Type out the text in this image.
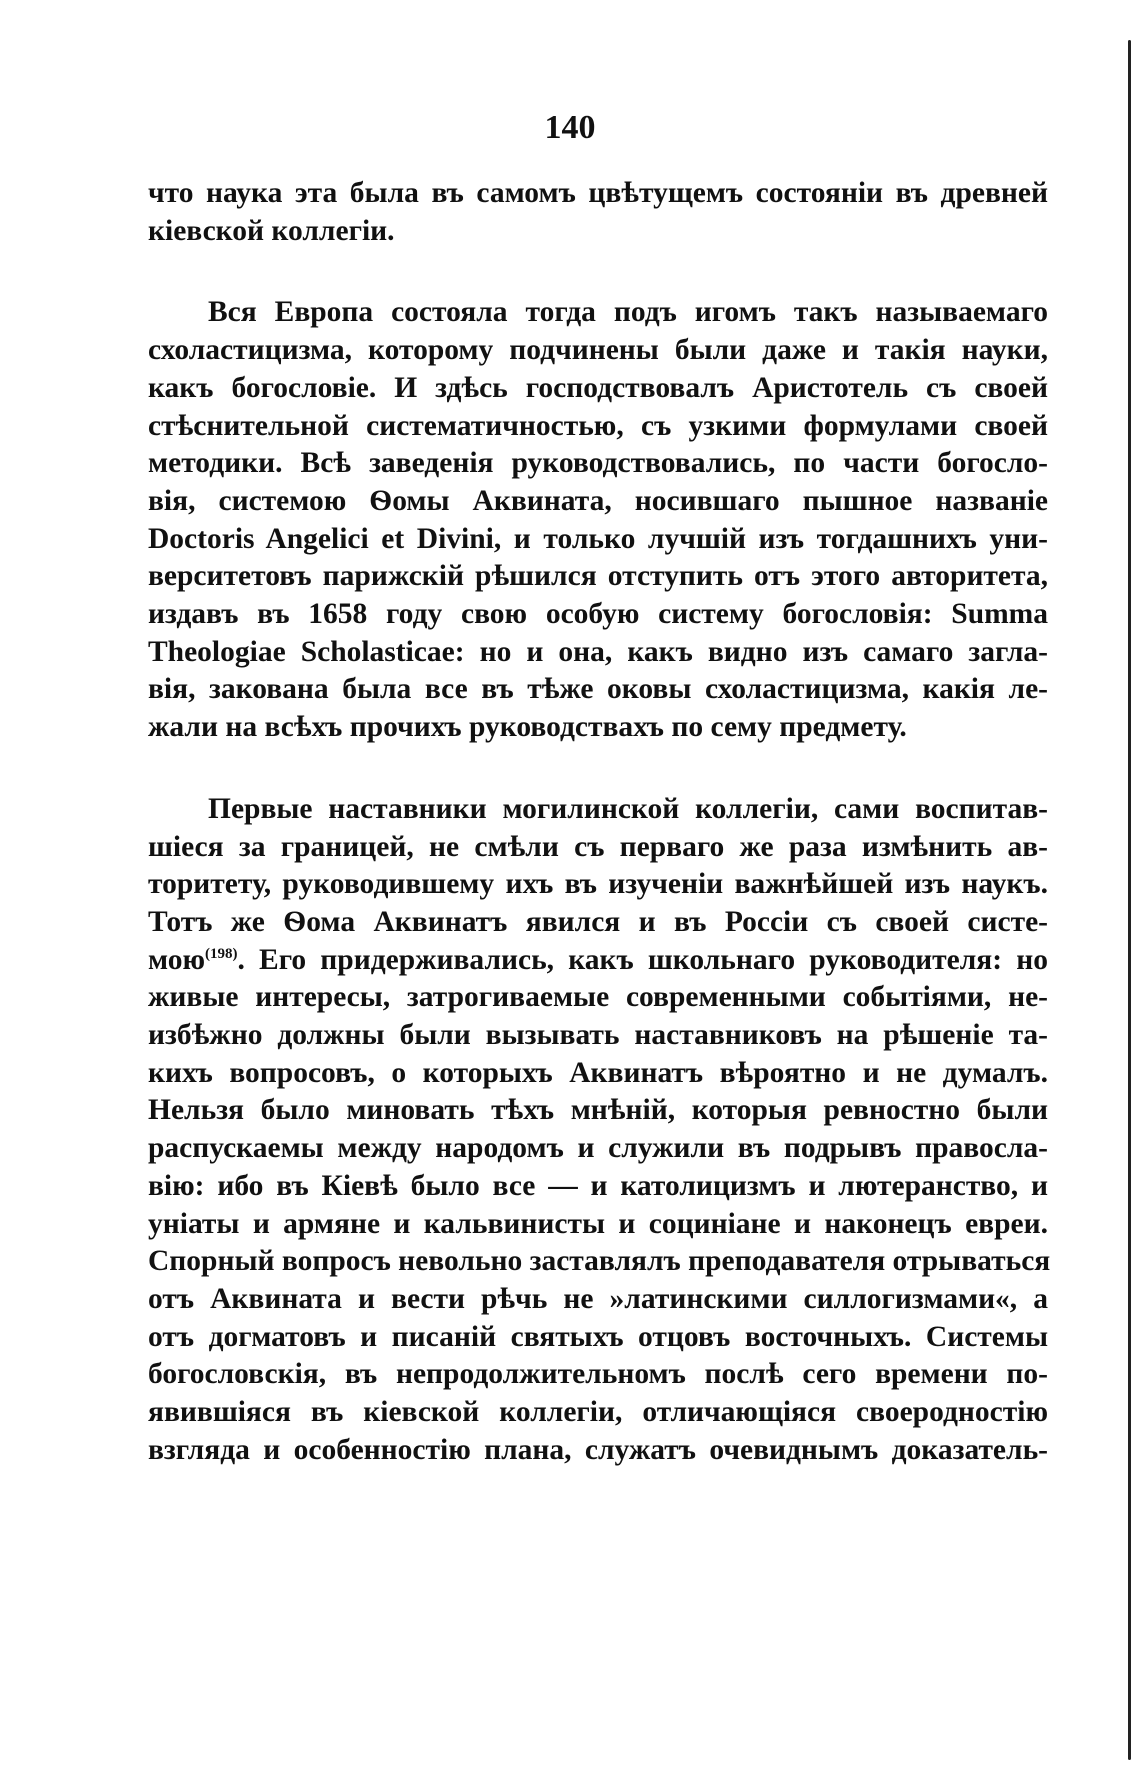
140
что наука эта была въ самомъ цвѣтущемъ состояніи въ древней
кіевской коллегіи.
Вся Европа состояла тогда подъ игомъ такъ называемаго
схоластицизма, которому подчинены были даже и такія науки,
какъ богословіе. И здѣсь господствовалъ Аристотель съ своей
стѣснительной систематичностью, съ узкими формулами своей
методики. Всѣ заведенія руководствовались, по части богосло-
вія, системою Ѳомы Аквината, носившаго пышное названіе
Doctoris Angelici et Divini, и только лучшій изъ тогдашнихъ уни-
верситетовъ парижскій рѣшился отступить отъ этого авторитета,
издавъ въ 1658 году свою особую систему богословія: Summa
Theologiae Scholasticae: но и она, какъ видно изъ самаго загла-
вія, закована была все въ тѣже оковы схоластицизма, какія ле-
жали на всѣхъ прочихъ руководствахъ по сему предмету.
Первые наставники могилинской коллегіи, сами воспитав-
шіеся за границей, не смѣли съ перваго же раза измѣнить ав-
торитету, руководившему ихъ въ изученіи важнѣйшей изъ наукъ.
Тотъ же Ѳома Аквинатъ явился и въ Россіи съ своей систе-
мою$^{(198)}$. Его придерживались, какъ школьнаго руководителя: но
живые интересы, затрогиваемые современными событіями, не-
избѣжно должны были вызывать наставниковъ на рѣшеніе та-
кихъ вопросовъ, о которыхъ Аквинатъ вѣроятно и не думалъ.
Нельзя было миновать тѣхъ мнѣній, которыя ревностно были
распускаемы между народомъ и служили въ подрывъ правосла-
вію: ибо въ Кіевѣ было все — и католицизмъ и лютеранство, и
уніаты и армяне и кальвинисты и социніане и наконецъ евреи.
Спорный вопросъ невольно заставлялъ преподавателя отрываться
отъ Аквината и вести рѣчь не »латинскими силлогизмами«, а
отъ догматовъ и писаній святыхъ отцовъ восточныхъ. Системы
богословскія, въ непродолжительномъ послѣ сего времени по-
явившіяся въ кіевской коллегіи, отличающіяся своеродностію
взгляда и особенностію плана, служатъ очевиднымъ доказатель-
